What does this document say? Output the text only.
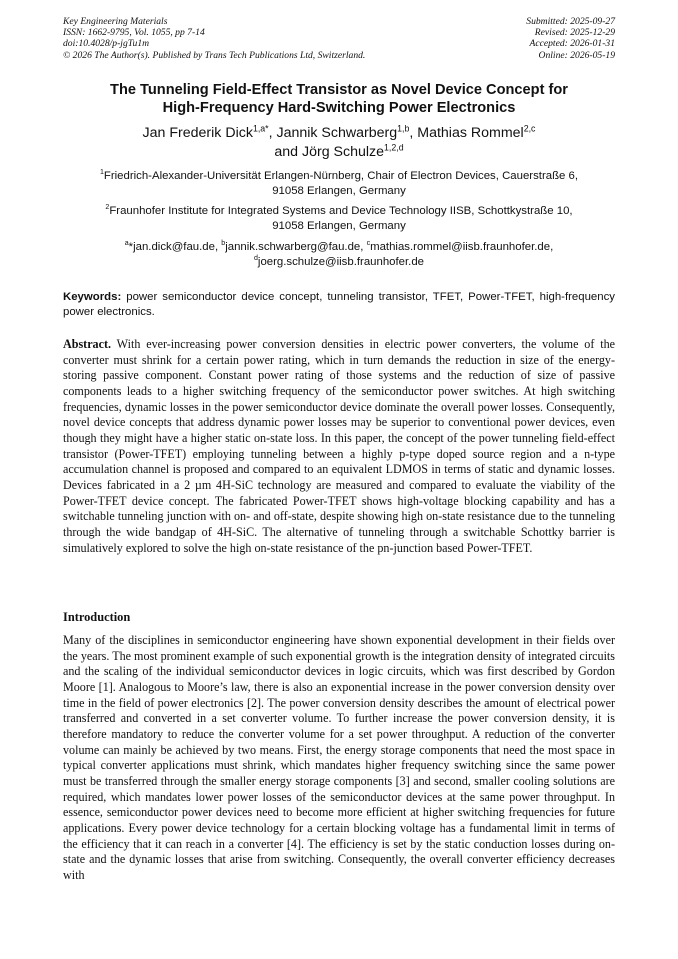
Key Engineering Materials
ISSN: 1662-9795, Vol. 1055, pp 7-14
doi:10.4028/p-jgTu1m
© 2026 The Author(s). Published by Trans Tech Publications Ltd, Switzerland.
Submitted: 2025-09-27
Revised: 2025-12-29
Accepted: 2026-01-31
Online: 2026-05-19
The Tunneling Field-Effect Transistor as Novel Device Concept for
High-Frequency Hard-Switching Power Electronics
Jan Frederik Dick$^{1,a*}$, Jannik Schwarberg$^{1,b}$, Mathias Rommel$^{2,c}$
and Jörg Schulze$^{1,2,d}$
$^1$Friedrich-Alexander-Universität Erlangen-Nürnberg, Chair of Electron Devices, Cauerstraße 6,
91058 Erlangen, Germany
$^2$Fraunhofer Institute for Integrated Systems and Device Technology IISB, Schottkystraße 10,
91058 Erlangen, Germany
$^a$*jan.dick@fau.de, $^b$jannik.schwarberg@fau.de, $^c$mathias.rommel@iisb.fraunhofer.de,
$^d$joerg.schulze@iisb.fraunhofer.de
Keywords: power semiconductor device concept, tunneling transistor, TFET, Power-TFET, high-frequency power electronics.
Abstract. With ever-increasing power conversion densities in electric power converters, the volume of the converter must shrink for a certain power rating, which in turn demands the reduction in size of the energy-storing passive component. Constant power rating of those systems and the reduction of size of passive components leads to a higher switching frequency of the semiconductor power switches. At high switching frequencies, dynamic losses in the power semiconductor device dominate the overall power losses. Consequently, novel device concepts that address dynamic power losses may be superior to conventional power devices, even though they might have a higher static on-state loss. In this paper, the concept of the power tunneling field-effect transistor (Power-TFET) employing tunneling between a highly p-type doped source region and a n-type accumulation channel is proposed and compared to an equivalent LDMOS in terms of static and dynamic losses. Devices fabricated in a 2 µm 4H-SiC technology are measured and compared to evaluate the viability of the Power-TFET device concept. The fabricated Power-TFET shows high-voltage blocking capability and has a switchable tunneling junction with on- and off-state, despite showing high on-state resistance due to the tunneling through the wide bandgap of 4H-SiC. The alternative of tunneling through a switchable Schottky barrier is simulatively explored to solve the high on-state resistance of the pn-junction based Power-TFET.
Introduction
Many of the disciplines in semiconductor engineering have shown exponential development in their fields over the years. The most prominent example of such exponential growth is the integration density of integrated circuits and the scaling of the individual semiconductor devices in logic circuits, which was first described by Gordon Moore [1]. Analogous to Moore’s law, there is also an exponential increase in the power conversion density over time in the field of power electronics [2]. The power conversion density describes the amount of electrical power transferred and converted in a set converter volume. To further increase the power conversion density, it is therefore mandatory to reduce the converter volume for a set power throughput. A reduction of the converter volume can mainly be achieved by two means. First, the energy storage components that need the most space in typical converter applications must shrink, which mandates higher frequency switching since the same power must be transferred through the smaller energy storage components [3] and second, smaller cooling solutions are required, which mandates lower power losses of the semiconductor devices at the same power throughput. In essence, semiconductor power devices need to become more efficient at higher switching frequencies for future applications. Every power device technology for a certain blocking voltage has a fundamental limit in terms of the efficiency that it can reach in a converter [4]. The efficiency is set by the static conduction losses during on-state and the dynamic losses that arise from switching. Consequently, the overall converter efficiency decreases with
